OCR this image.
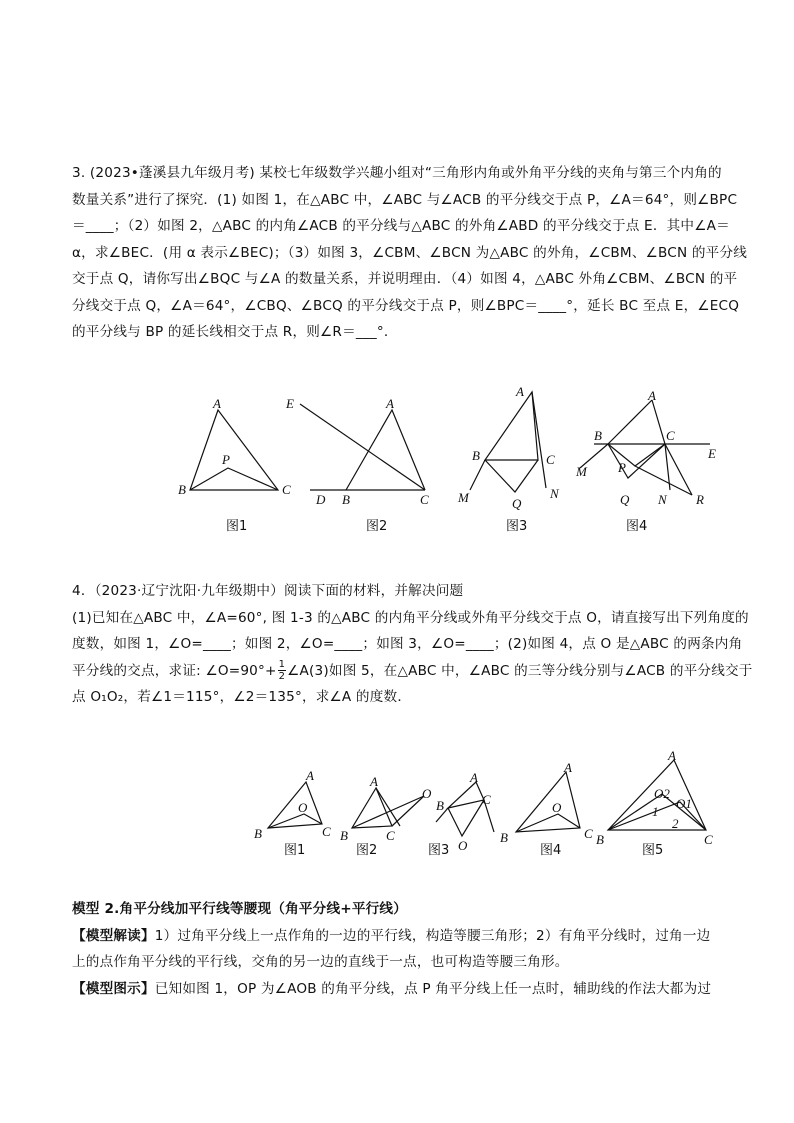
3. (2023•蓬溪县九年级月考) 某校七年级数学兴趣小组对“三角形内角或外角平分线的夹角与第三个内角的

数量关系”进行了探究．(1) 如图 1，在△ABC 中，∠ABC 与∠ACB 的平分线交于点 P，∠A＝64°，则∠BPC

＝____；（2）如图 2，△ABC 的内角∠ACB 的平分线与△ABC 的外角∠ABD 的平分线交于点 E．其中∠A＝

α，求∠BEC．(用 α 表示∠BEC)；（3）如图 3，∠CBM、∠BCN 为△ABC 的外角，∠CBM、∠BCN 的平分线

交于点 Q，请你写出∠BQC 与∠A 的数量关系，并说明理由．（4）如图 4，△ABC 外角∠CBM、∠BCN 的平

分线交于点 Q，∠A＝64°，∠CBQ、∠BCQ 的平分线交于点 P，则∠BPC＝____°，延长 BC 至点 E，∠ECQ

的平分线与 BP 的延长线相交于点 R，则∠R＝___°．

A
P
B	C
图1
E	A
D B	C
图2
A
B	C
M	Q
N
图3
A
B	C
E
M P
Q N R
图4

4．（2023·辽宁沈阳·九年级期中）阅读下面的材料，并解决问题

(1)已知在△ABC 中，∠A=60°, 图 1-3 的△ABC 的内角平分线或外角平分线交于点 O，请直接写出下列角度的

度数，如图 1，∠O=____；如图 2，∠O=____；如图 3，∠O=____；(2)如图 4，点 O 是△ABC 的两条内角

平分线的交点，求证: ∠O=90°+ $\frac{1}{2}$ ∠A(3)如图 5，在△ABC 中，∠ABC 的三等分线分别与∠ACB 的平分线交于

点 O₁O₂，若∠1＝115°，∠2＝135°，求∠A 的度数．

A
O
B	C
图1
A
O
B	C
图2
A
B	C
O
图3
A
O
B	C
图4
A
O2
O1
1
2
B	C
图5

模型 2.角平分线加平行线等腰现（角平分线+平行线）

【模型解读】1）过角平分线上一点作角的一边的平行线，构造等腰三角形；2）有角平分线时，过角一边

上的点作角平分线的平行线，交角的另一边的直线于一点，也可构造等腰三角形。

【模型图示】已知如图 1，OP 为∠AOB 的角平分线，点 P 角平分线上任一点时，辅助线的作法大都为过
